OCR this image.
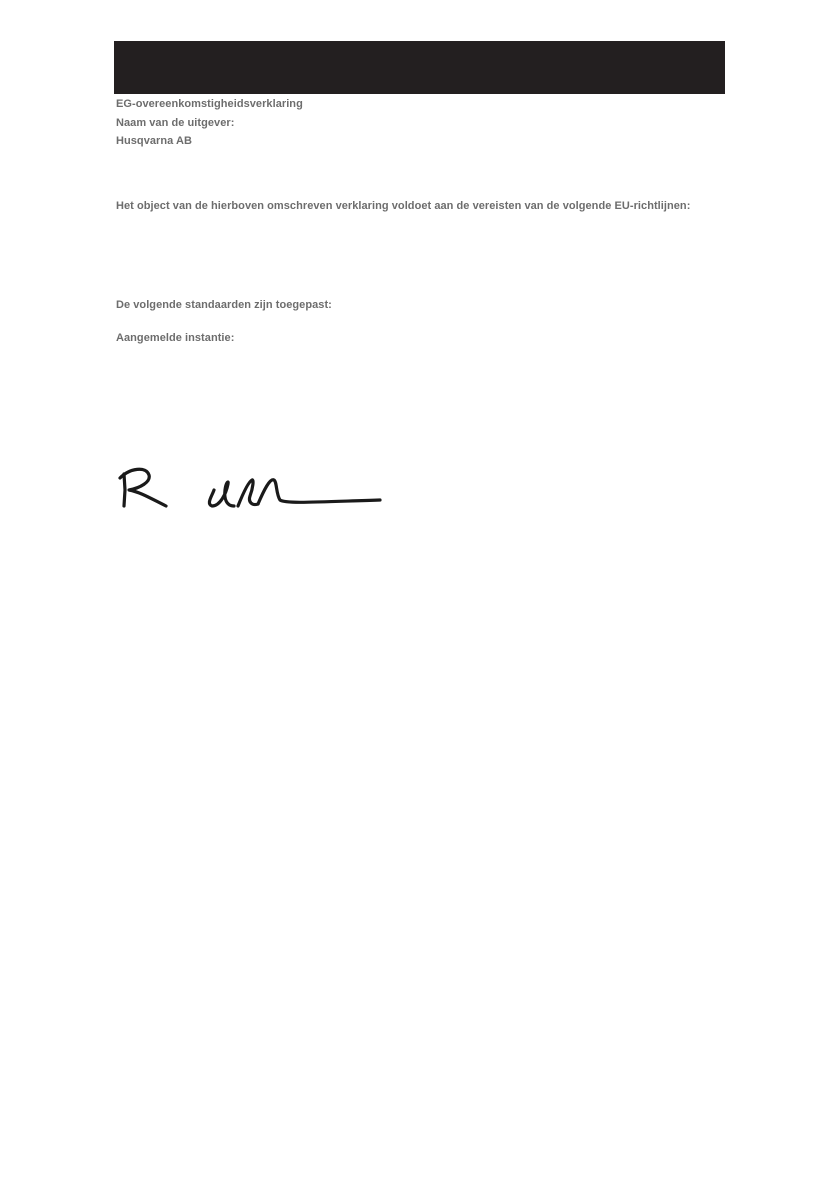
EG-overeenkomstigheidsverklaring

Naam van de uitgever:

Husqvarna AB

Het object van de hierboven omschreven verklaring voldoet aan de vereisten van de volgende EU-richtlijnen:

De volgende standaarden zijn toegepast:

Aangemelde instantie:
